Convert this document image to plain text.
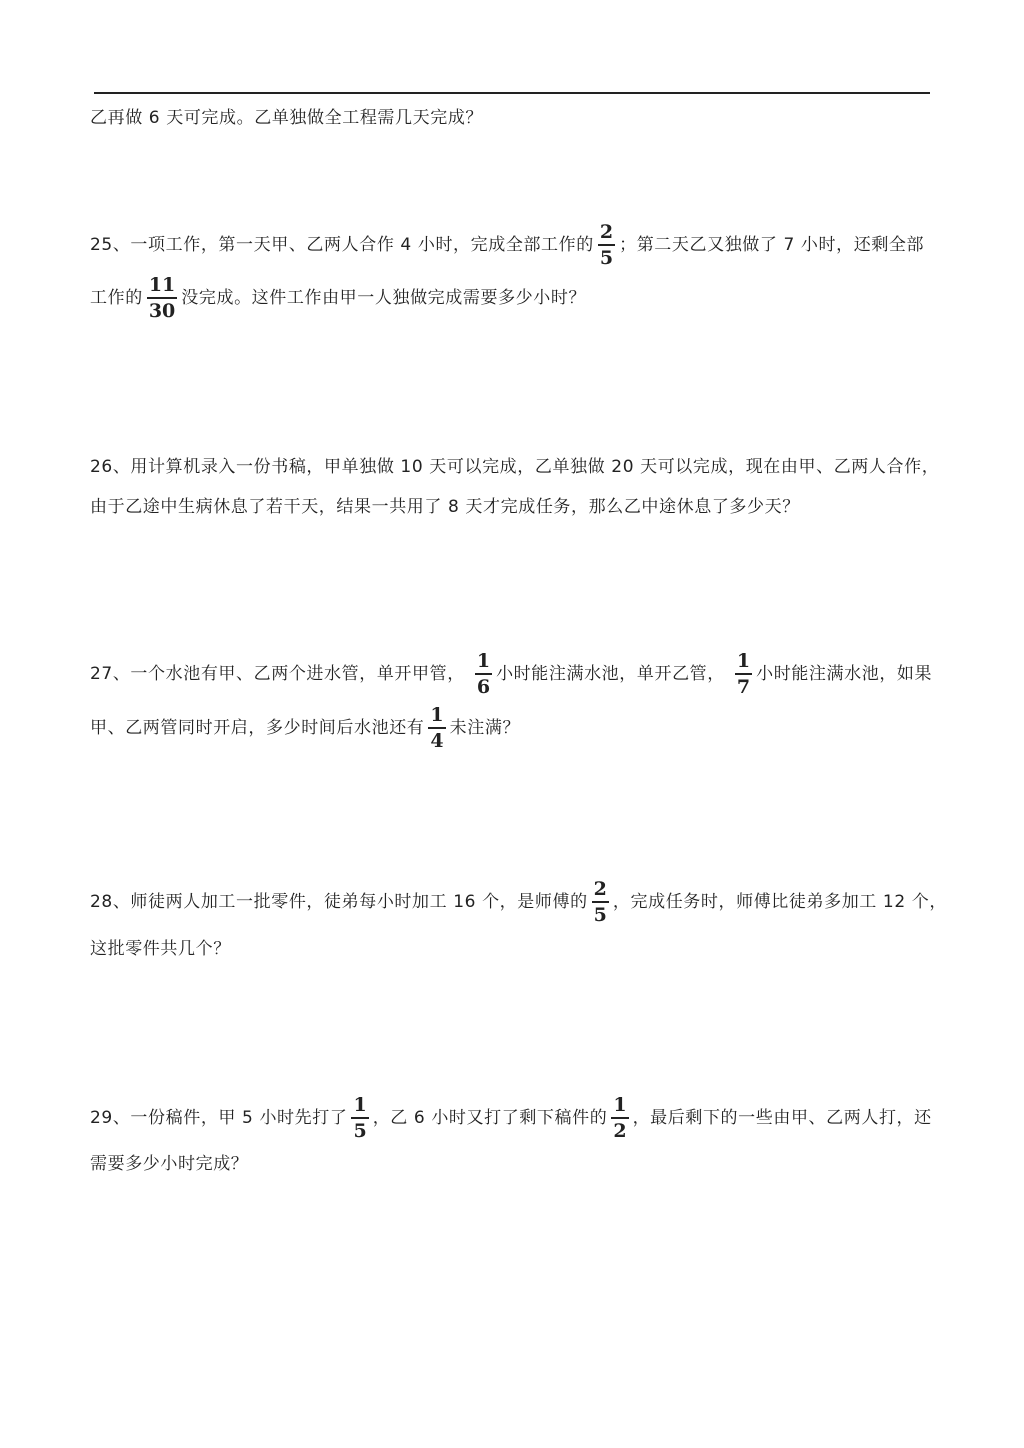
乙再做 6 天可完成。乙单独做全工程需几天完成？
25、一项工作，第一天甲、乙两人合作 4 小时，完成全部工作的 $\frac{2}{5}$ ；第二天乙又独做了 7 小时，还剩全部
工作的 $\frac{11}{30}$ 没完成。这件工作由甲一人独做完成需要多少小时？
26、用计算机录入一份书稿，甲单独做 10 天可以完成，乙单独做 20 天可以完成，现在由甲、乙两人合作，
由于乙途中生病休息了若干天，结果一共用了 8 天才完成任务，那么乙中途休息了多少天？
27、一个水池有甲、乙两个进水管，单开甲管， $\frac{1}{6}$ 小时能注满水池，单开乙管， $\frac{1}{7}$ 小时能注满水池，如果
甲、乙两管同时开启，多少时间后水池还有 $\frac{1}{4}$ 未注满？
28、师徒两人加工一批零件，徒弟每小时加工 16 个，是师傅的 $\frac{2}{5}$ ，完成任务时，师傅比徒弟多加工 12 个，
这批零件共几个？
29、一份稿件，甲 5 小时先打了 $\frac{1}{5}$ ，乙 6 小时又打了剩下稿件的 $\frac{1}{2}$ ，最后剩下的一些由甲、乙两人打，还
需要多少小时完成？
